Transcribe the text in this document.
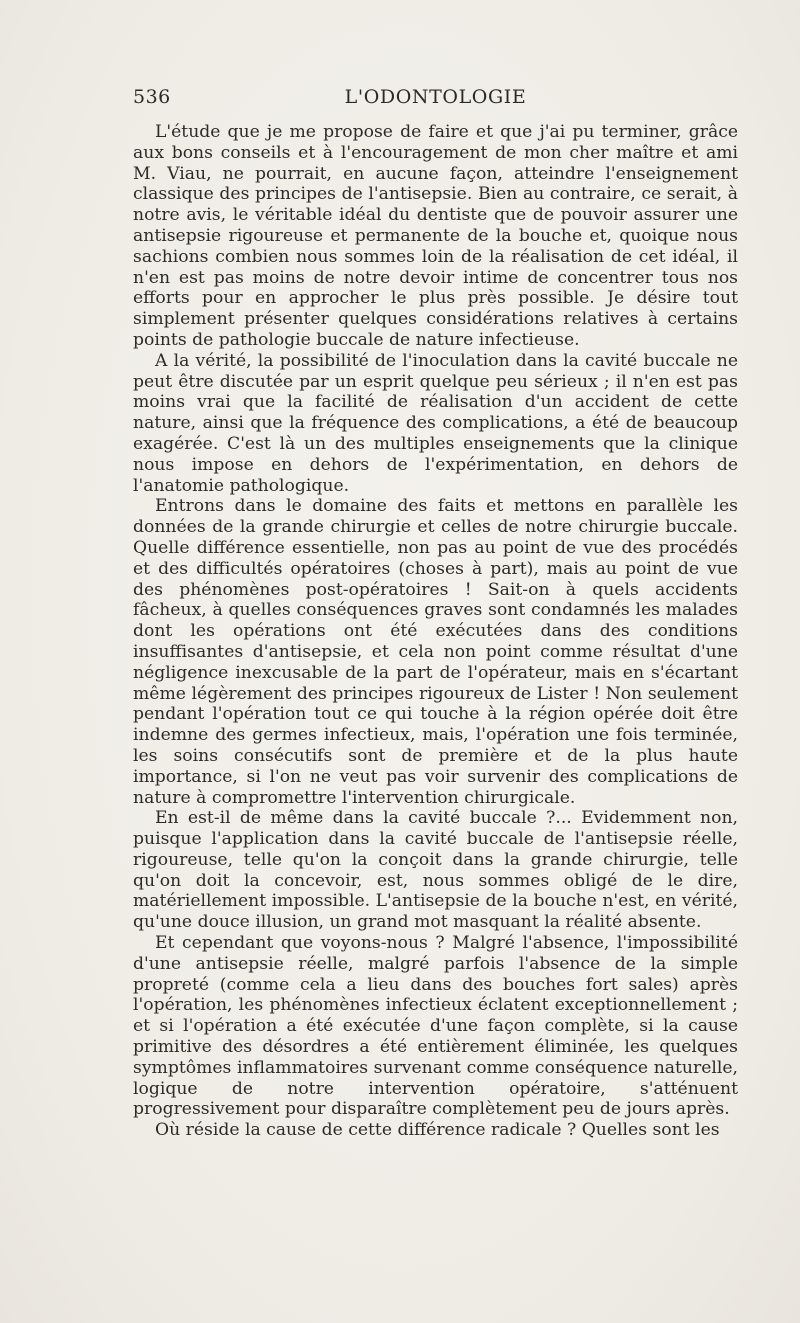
536	L'ODONTOLOGIE

L'étude que je me propose de faire et que j'ai pu terminer, grâce aux bons conseils et à l'encouragement de mon cher maître et ami M. Viau, ne pourrait, en aucune façon, atteindre l'enseignement classique des principes de l'antisepsie. Bien au contraire, ce serait, à notre avis, le véritable idéal du dentiste que de pouvoir assurer une antisepsie rigoureuse et permanente de la bouche et, quoique nous sachions combien nous sommes loin de la réalisation de cet idéal, il n'en est pas moins de notre devoir intime de concentrer tous nos efforts pour en approcher le plus près possible. Je désire tout simplement présenter quelques considérations relatives à certains points de pathologie buccale de nature infectieuse.

A la vérité, la possibilité de l'inoculation dans la cavité buccale ne peut être discutée par un esprit quelque peu sérieux ; il n'en est pas moins vrai que la facilité de réalisation d'un accident de cette nature, ainsi que la fréquence des complications, a été de beaucoup exagérée. C'est là un des multiples enseignements que la clinique nous impose en dehors de l'expérimentation, en dehors de l'anatomie pathologique.

Entrons dans le domaine des faits et mettons en parallèle les données de la grande chirurgie et celles de notre chirurgie buccale. Quelle différence essentielle, non pas au point de vue des procédés et des difficultés opératoires (choses à part), mais au point de vue des phénomènes post-opératoires ! Sait-on à quels accidents fâcheux, à quelles conséquences graves sont condamnés les malades dont les opérations ont été exécutées dans des conditions insuffisantes d'antisepsie, et cela non point comme résultat d'une négligence inexcusable de la part de l'opérateur, mais en s'écartant même légèrement des principes rigoureux de Lister ! Non seulement pendant l'opération tout ce qui touche à la région opérée doit être indemne des germes infectieux, mais, l'opération une fois terminée, les soins consécutifs sont de première et de la plus haute importance, si l'on ne veut pas voir survenir des complications de nature à compromettre l'intervention chirurgicale.

En est-il de même dans la cavité buccale ?... Evidemment non, puisque l'application dans la cavité buccale de l'antisepsie réelle, rigoureuse, telle qu'on la conçoit dans la grande chirurgie, telle qu'on doit la concevoir, est, nous sommes obligé de le dire, matériellement impossible. L'antisepsie de la bouche n'est, en vérité, qu'une douce illusion, un grand mot masquant la réalité absente.

Et cependant que voyons-nous ? Malgré l'absence, l'impossibilité d'une antisepsie réelle, malgré parfois l'absence de la simple propreté (comme cela a lieu dans des bouches fort sales) après l'opération, les phénomènes infectieux éclatent exceptionnellement ; et si l'opération a été exécutée d'une façon complète, si la cause primitive des désordres a été entièrement éliminée, les quelques symptômes inflammatoires survenant comme conséquence naturelle, logique de notre intervention opératoire, s'atténuent progressivement pour disparaître complètement peu de jours après.

Où réside la cause de cette différence radicale ? Quelles sont les
